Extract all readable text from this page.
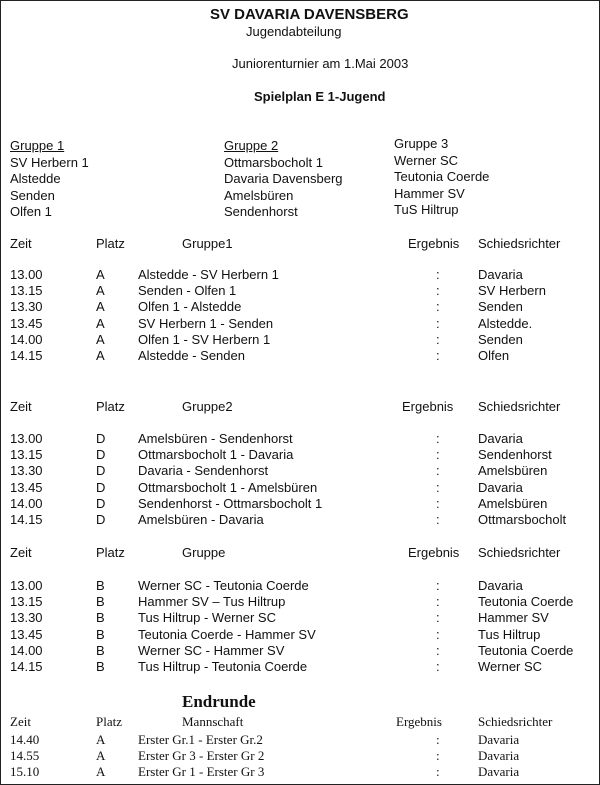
SV DAVARIA DAVENSBERG
Jugendabteilung
Juniorenturnier am 1.Mai 2003
Spielplan E 1-Jugend
Gruppe 1
SV Herbern 1
Alstedde
Senden
Olfen 1
Gruppe 2
Ottmarsbocholt 1
Davaria Davensberg
Amelsbüren
Sendenhorst
Gruppe 3
Werner SC
Teutonia Coerde
Hammer SV
TuS Hiltrup
Zeit	Platz	Gruppe1	Ergebnis Schiedsrichter
13.00	A	Alstedde - SV Herbern 1	:	Davaria
13.15	A	Senden - Olfen 1	:	SV Herbern
13.30	A	Olfen 1 - Alstedde	:	Senden
13.45	A	SV Herbern 1 - Senden	:	Alstedde.
14.00	A	Olfen 1 - SV Herbern 1	:	Senden
14.15	A	Alstedde - Senden	:	Olfen
Zeit	Platz	Gruppe2	Ergebnis Schiedsrichter
13.00	D	Amelsbüren - Sendenhorst	:	Davaria
13.15	D	Ottmarsbocholt 1 - Davaria	:	Sendenhorst
13.30	D	Davaria - Sendenhorst	:	Amelsbüren
13.45	D	Ottmarsbocholt 1 - Amelsbüren	:	Davaria
14.00	D	Sendenhorst - Ottmarsbocholt 1	:	Amelsbüren
14.15	D	Amelsbüren - Davaria	:	Ottmarsbocholt
Zeit	Platz	Gruppe	Ergebnis Schiedsrichter
13.00	B	Werner SC - Teutonia Coerde	:	Davaria
13.15	B	Hammer SV – Tus Hiltrup	:	Teutonia Coerde
13.30	B	Tus Hiltrup - Werner SC	:	Hammer SV
13.45	B	Teutonia Coerde - Hammer SV	:	Tus Hiltrup
14.00	B	Werner SC - Hammer SV	:	Teutonia Coerde
14.15	B	Tus Hiltrup - Teutonia Coerde	:	Werner SC
Endrunde
Zeit	Platz	Mannschaft	Ergebnis	Schiedsrichter
14.40	A	Erster Gr.1 - Erster Gr.2	:	Davaria
14.55	A	Erster Gr 3 - Erster Gr 2	:	Davaria
15.10	A	Erster Gr 1 - Erster Gr 3	:	Davaria
